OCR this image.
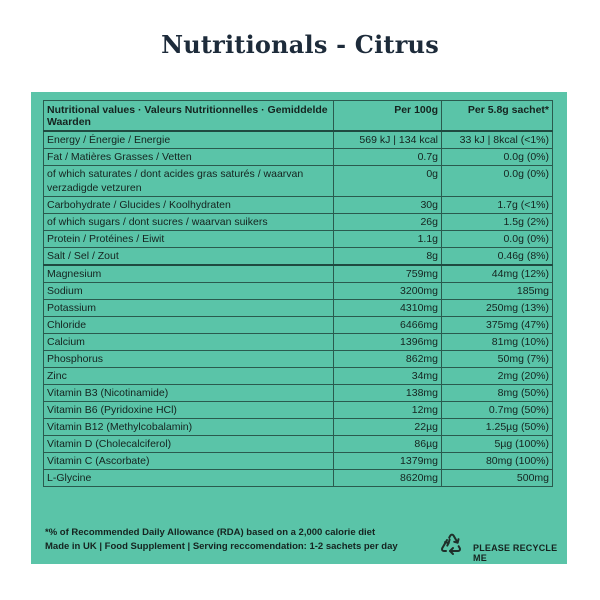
Nutritionals - Citrus
Nutritional values · Valeurs Nutritionnelles · Gemiddelde Waarden	Per 100g	Per 5.8g sachet*
Energy / Énergie / Energie	569 kJ | 134 kcal	33 kJ | 8kcal (<1%)
Fat / Matières Grasses / Vetten	0.7g	0.0g (0%)
of which saturates / dont acides gras saturés / waarvan verzadigde vetzuren	0g	0.0g (0%)
Carbohydrate / Glucides / Koolhydraten	30g	1.7g (<1%)
of which sugars / dont sucres / waarvan suikers	26g	1.5g (2%)
Protein / Protéines / Eiwit	1.1g	0.0g (0%)
Salt / Sel / Zout	8g	0.46g (8%)
Magnesium	759mg	44mg (12%)
Sodium	3200mg	185mg
Potassium	4310mg	250mg (13%)
Chloride	6466mg	375mg (47%)
Calcium	1396mg	81mg (10%)
Phosphorus	862mg	50mg (7%)
Zinc	34mg	2mg (20%)
Vitamin B3 (Nicotinamide)	138mg	8mg (50%)
Vitamin B6 (Pyridoxine HCl)	12mg	0.7mg (50%)
Vitamin B12 (Methylcobalamin)	22µg	1.25µg (50%)
Vitamin D (Cholecalciferol)	86µg	5µg (100%)
Vitamin C (Ascorbate)	1379mg	80mg (100%)
L-Glycine	8620mg	500mg
*% of Recommended Daily Allowance (RDA) based on a 2,000 calorie diet
Made in UK | Food Supplement | Serving reccomendation: 1-2 sachets per day	PLEASE RECYCLE ME
